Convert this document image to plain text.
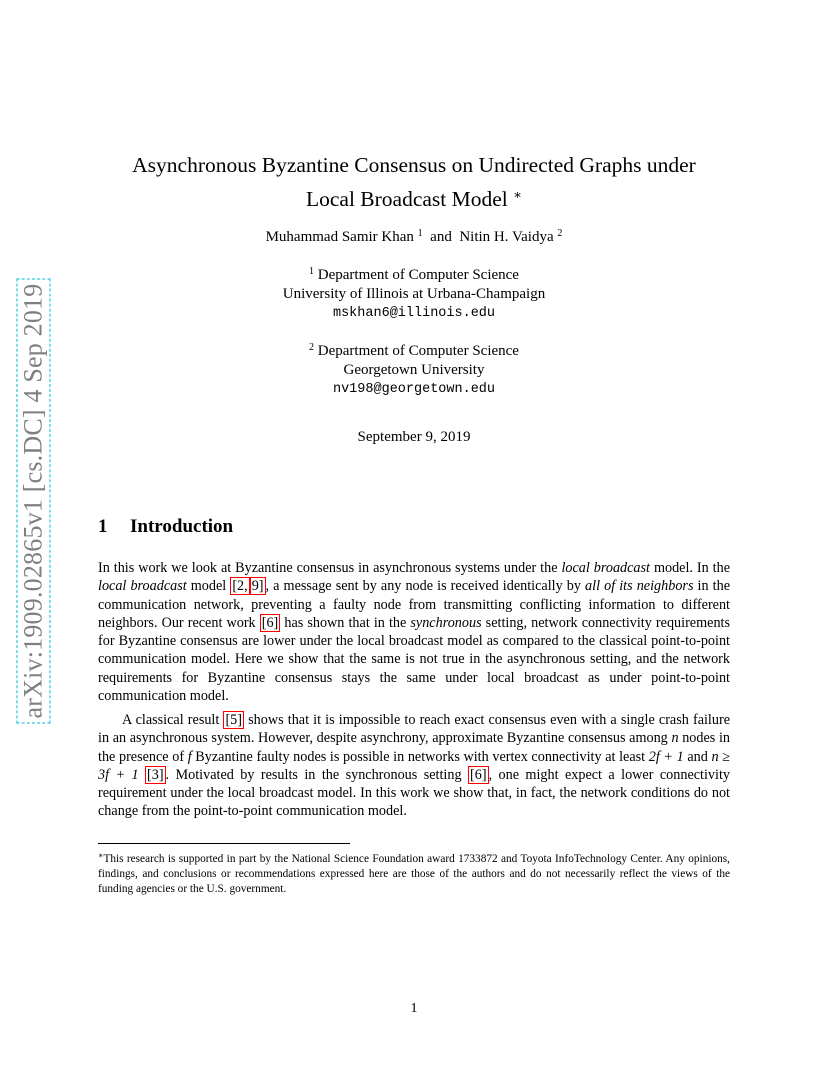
arXiv:1909.02865v1 [cs.DC] 4 Sep 2019
Asynchronous Byzantine Consensus on Undirected Graphs under
Local Broadcast Model ∗
Muhammad Samir Khan $^1$ and Nitin H. Vaidya $^2$
$^1$ Department of Computer Science
University of Illinois at Urbana-Champaign
mskhan6@illinois.edu
$^2$ Department of Computer Science
Georgetown University
nv198@georgetown.edu
September 9, 2019
1 Introduction
In this work we look at Byzantine consensus in asynchronous systems under the local broadcast model. In the local broadcast model [2, 9] , a message sent by any node is received identically by all of its neighbors in the communication network, preventing a faulty node from transmitting conflicting information to different neighbors. Our recent work [6] has shown that in the synchronous setting, network connectivity requirements for Byzantine consensus are lower under the local broadcast model as compared to the classical point-to-point communication model. Here we show that the same is not true in the asynchronous setting, and the network requirements for Byzantine consensus stays the same under local broadcast as under point-to-point communication model.
A classical result [5] shows that it is impossible to reach exact consensus even with a single crash failure in an asynchronous system. However, despite asynchrony, approximate Byzantine consensus among n nodes in the presence of f Byzantine faulty nodes is possible in networks with vertex connectivity at least 2f + 1 and n ≥ 3f + 1 [3] . Motivated by results in the synchronous setting [6] , one might expect a lower connectivity requirement under the local broadcast model. In this work we show that, in fact, the network conditions do not change from the point-to-point communication model.
∗This research is supported in part by the National Science Foundation award 1733872 and Toyota InfoTechnology Center. Any opinions, findings, and conclusions or recommendations expressed here are those of the authors and do not necessarily reflect the views of the funding agencies or the U.S. government.
1
